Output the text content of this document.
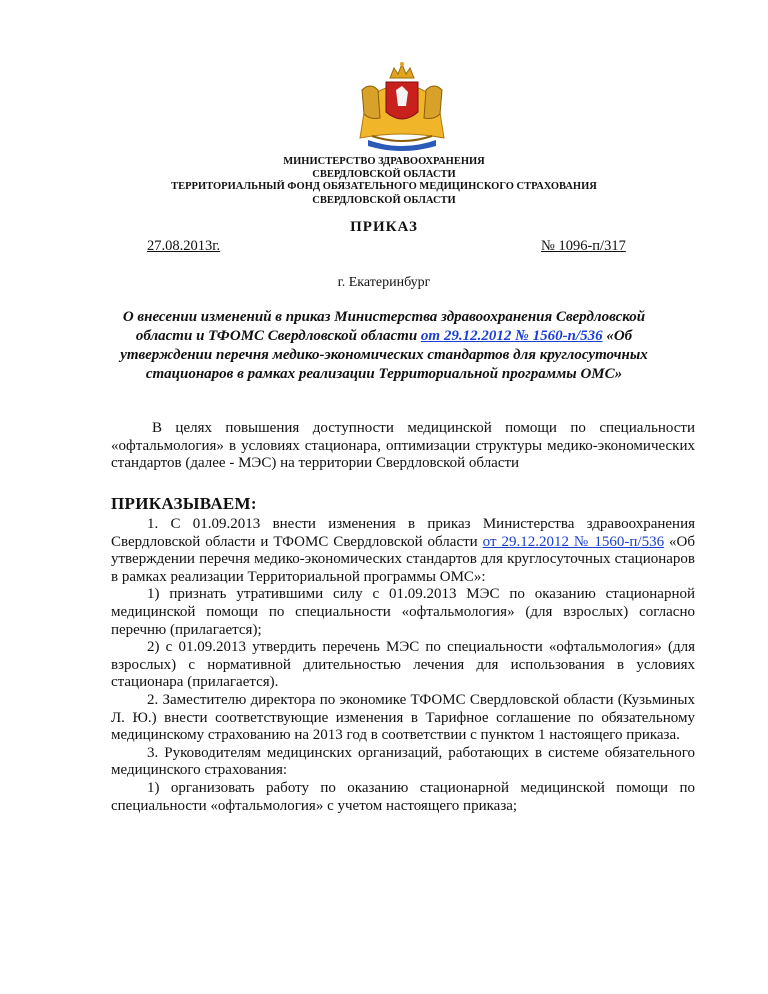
МИНИСТЕРСТВО ЗДРАВООХРАНЕНИЯ
СВЕРДЛОВСКОЙ ОБЛАСТИ
ТЕРРИТОРИАЛЬНЫЙ ФОНД ОБЯЗАТЕЛЬНОГО МЕДИЦИНСКОГО СТРАХОВАНИЯ
СВЕРДЛОВСКОЙ ОБЛАСТИ
ПРИКАЗ
27.08.2013г.	№ 1096-п/317
г. Екатеринбург
О внесении изменений в приказ Министерства здравоохранения Свердловской области и ТФОМС Свердловской области от 29.12.2012 № 1560-п/536 «Об утверждении перечня медико-экономических стандартов для круглосуточных стационаров в рамках реализации Территориальной программы ОМС»

В целях повышения доступности медицинской помощи по специальности «офтальмология» в условиях стационара, оптимизации структуры медико-экономических стандартов (далее - МЭС) на территории Свердловской области

ПРИКАЗЫВАЕМ:

1. С 01.09.2013 внести изменения в приказ Министерства здравоохранения Свердловской области и ТФОМС Свердловской области от 29.12.2012 № 1560-п/536 «Об утверждении перечня медико-экономических стандартов для круглосуточных стационаров в рамках реализации Территориальной программы ОМС»:

1) признать утратившими силу с 01.09.2013 МЭС по оказанию стационарной медицинской помощи по специальности «офтальмология» (для взрослых) согласно перечню (прилагается);

2) с 01.09.2013 утвердить перечень МЭС по специальности «офтальмология» (для взрослых) с нормативной длительностью лечения для использования в условиях стационара (прилагается).

2. Заместителю директора по экономике ТФОМС Свердловской области (Кузьминых Л. Ю.) внести соответствующие изменения в Тарифное соглашение по обязательному медицинскому страхованию на 2013 год в соответствии с пунктом 1 настоящего приказа.

3. Руководителям медицинских организаций, работающих в системе обязательного медицинского страхования:

1) организовать работу по оказанию стационарной медицинской помощи по специальности «офтальмология» с учетом настоящего приказа;
